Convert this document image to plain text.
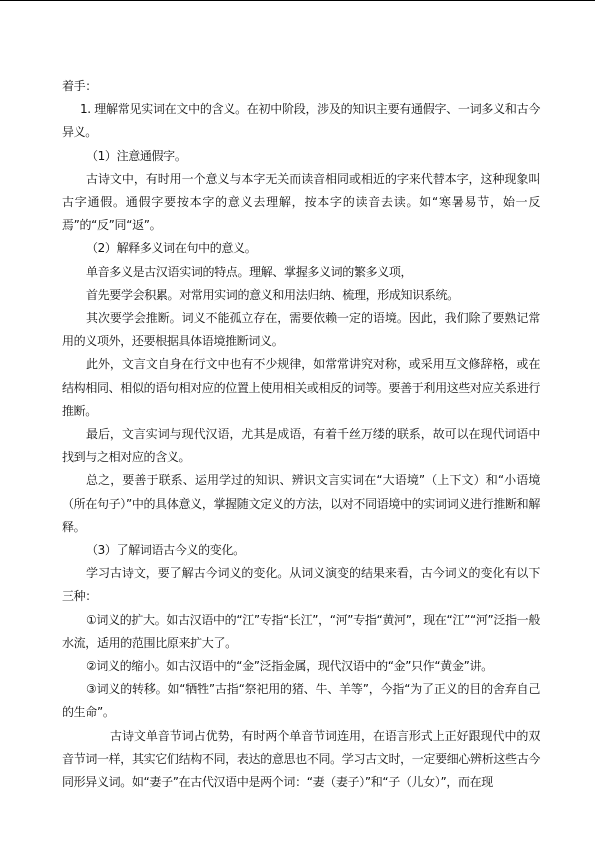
着手：

1. 理解常见实词在文中的含义。在初中阶段，涉及的知识主要有通假字、一词多义和古今异义。

（1）注意通假字。

古诗文中，有时用一个意义与本字无关而读音相同或相近的字来代替本字，这种现象叫古字通假。通假字要按本字的意义去理解，按本字的读音去读。如“寒暑易节，始一反焉”的“反”同“返”。

（2）解释多义词在句中的意义。

单音多义是古汉语实词的特点。理解、掌握多义词的繁多义项，

首先要学会积累。对常用实词的意义和用法归纳、梳理，形成知识系统。

其次要学会推断。词义不能孤立存在，需要依赖一定的语境。因此，我们除了要熟记常用的义项外，还要根据具体语境推断词义。

此外，文言文自身在行文中也有不少规律，如常常讲究对称，或采用互文修辞格，或在结构相同、相似的语句相对应的位置上使用相关或相反的词等。要善于利用这些对应关系进行推断。

最后，文言实词与现代汉语，尤其是成语，有着千丝万缕的联系，故可以在现代词语中找到与之相对应的含义。

总之，要善于联系、运用学过的知识、辨识文言实词在“大语境”（上下文）和“小语境（所在句子）”中的具体意义，掌握随文定义的方法，以对不同语境中的实词词义进行推断和解释。

（3）了解词语古今义的变化。

学习古诗文，要了解古今词义的变化。从词义演变的结果来看，古今词义的变化有以下三种：

①词义的扩大。如古汉语中的“江”专指“长江”，“河”专指“黄河”，现在“江”“河”泛指一般水流，适用的范围比原来扩大了。

②词义的缩小。如古汉语中的“金”泛指金属，现代汉语中的“金”只作“黄金”讲。

③词义的转移。如“牺牲”古指“祭祀用的猪、牛、羊等”，今指“为了正义的目的舍弃自己的生命”。

古诗文单音节词占优势，有时两个单音节词连用，在语言形式上正好跟现代中的双音节词一样，其实它们结构不同，表达的意思也不同。学习古文时，一定要细心辨析这些古今同形异义词。如“妻子”在古代汉语中是两个词：“妻（妻子）”和“子（儿女）”，而在现
